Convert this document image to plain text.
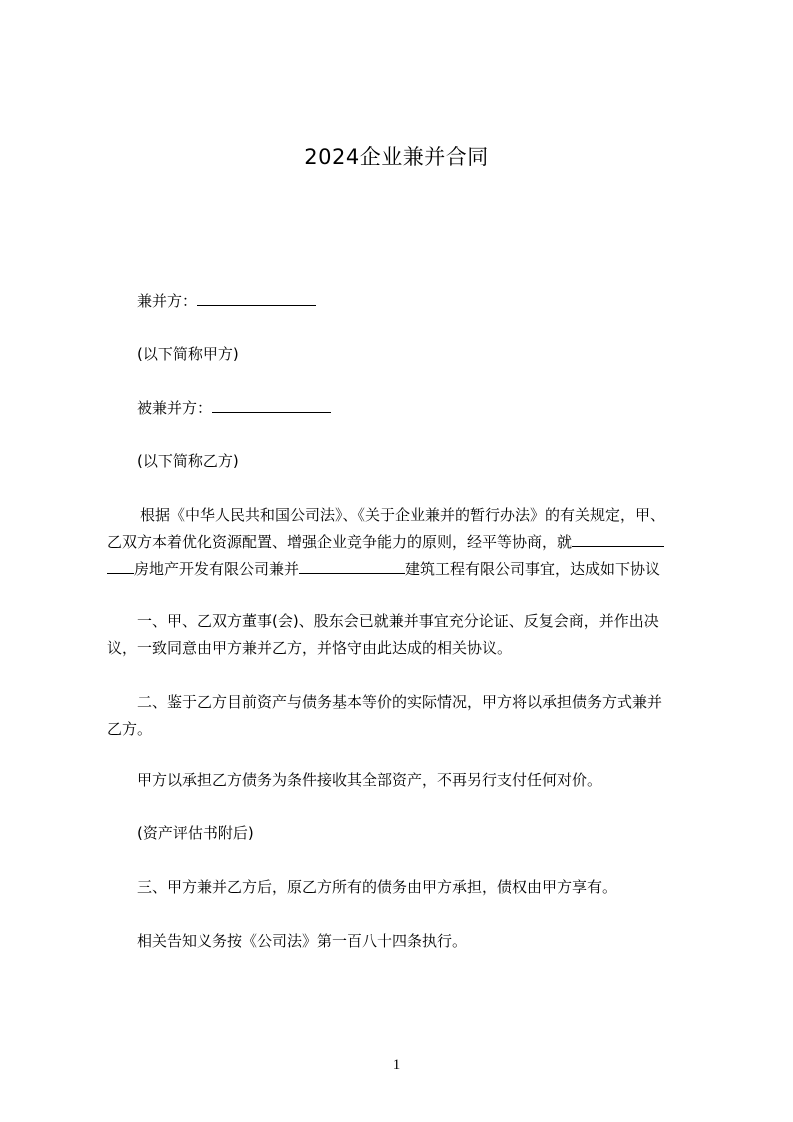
2024企业兼并合同
兼并方：
(以下简称甲方)
被兼并方：
(以下简称乙方)
根据《中华人民共和国公司法》、《关于企业兼并的暂行办法》的有关规定，甲、
乙双方本着优化资源配置、增强企业竞争能力的原则，经平等协商，就
房地产开发有限公司兼并	建筑工程有限公司事宜，达成如下协议
一、甲、乙双方董事(会)、股东会已就兼并事宜充分论证、反复会商，并作出决
议，一致同意由甲方兼并乙方，并恪守由此达成的相关协议。
二、鉴于乙方目前资产与债务基本等价的实际情况，甲方将以承担债务方式兼并
乙方。
甲方以承担乙方债务为条件接收其全部资产，不再另行支付任何对价。
(资产评估书附后)
三、甲方兼并乙方后，原乙方所有的债务由甲方承担，债权由甲方享有。
相关告知义务按《公司法》第一百八十四条执行。
1
